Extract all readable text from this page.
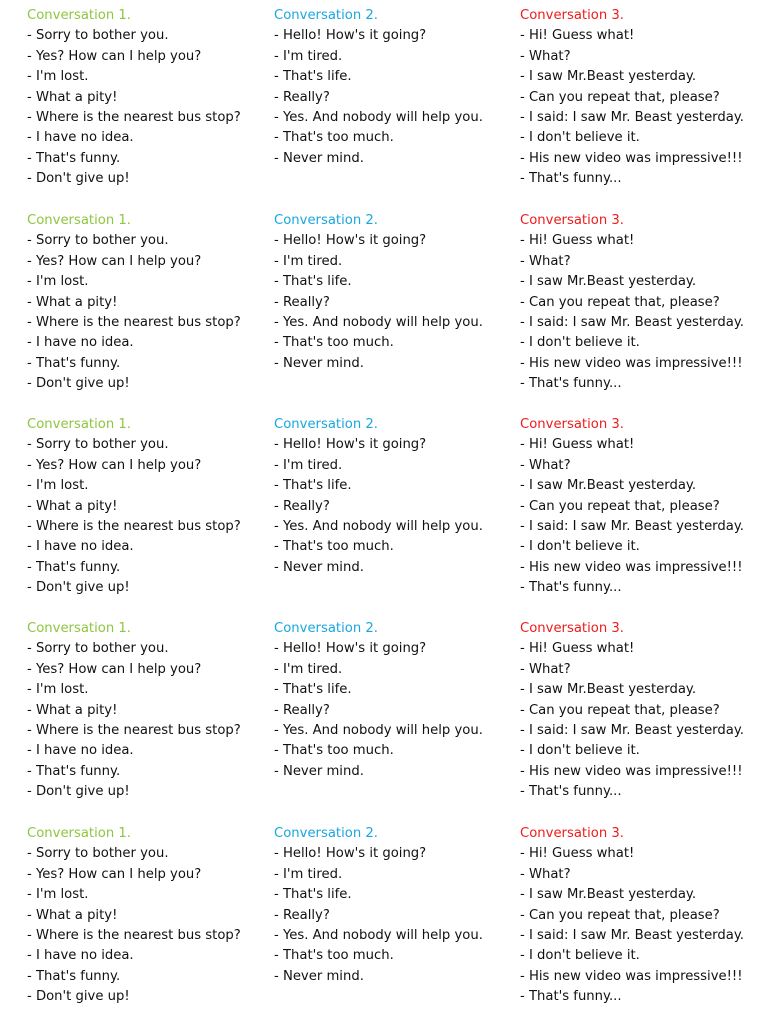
Conversation 1.
- Sorry to bother you.
- Yes? How can I help you?
- I'm lost.
- What a pity!
- Where is the nearest bus stop?
- I have no idea.
- That's funny.
- Don't give up!
Conversation 2.
- Hello! How's it going?
- I'm tired.
- That's life.
- Really?
- Yes. And nobody will help you.
- That's too much.
- Never mind.
Conversation 3.
- Hi! Guess what!
- What?
- I saw Mr.Beast yesterday.
- Can you repeat that, please?
- I said: I saw Mr. Beast yesterday.
- I don't believe it.
- His new video was impressive!!!
- That's funny...
Conversation 1.
- Sorry to bother you.
- Yes? How can I help you?
- I'm lost.
- What a pity!
- Where is the nearest bus stop?
- I have no idea.
- That's funny.
- Don't give up!
Conversation 2.
- Hello! How's it going?
- I'm tired.
- That's life.
- Really?
- Yes. And nobody will help you.
- That's too much.
- Never mind.
Conversation 3.
- Hi! Guess what!
- What?
- I saw Mr.Beast yesterday.
- Can you repeat that, please?
- I said: I saw Mr. Beast yesterday.
- I don't believe it.
- His new video was impressive!!!
- That's funny...
Conversation 1.
- Sorry to bother you.
- Yes? How can I help you?
- I'm lost.
- What a pity!
- Where is the nearest bus stop?
- I have no idea.
- That's funny.
- Don't give up!
Conversation 2.
- Hello! How's it going?
- I'm tired.
- That's life.
- Really?
- Yes. And nobody will help you.
- That's too much.
- Never mind.
Conversation 3.
- Hi! Guess what!
- What?
- I saw Mr.Beast yesterday.
- Can you repeat that, please?
- I said: I saw Mr. Beast yesterday.
- I don't believe it.
- His new video was impressive!!!
- That's funny...
Conversation 1.
- Sorry to bother you.
- Yes? How can I help you?
- I'm lost.
- What a pity!
- Where is the nearest bus stop?
- I have no idea.
- That's funny.
- Don't give up!
Conversation 2.
- Hello! How's it going?
- I'm tired.
- That's life.
- Really?
- Yes. And nobody will help you.
- That's too much.
- Never mind.
Conversation 3.
- Hi! Guess what!
- What?
- I saw Mr.Beast yesterday.
- Can you repeat that, please?
- I said: I saw Mr. Beast yesterday.
- I don't believe it.
- His new video was impressive!!!
- That's funny...
Conversation 1.
- Sorry to bother you.
- Yes? How can I help you?
- I'm lost.
- What a pity!
- Where is the nearest bus stop?
- I have no idea.
- That's funny.
- Don't give up!
Conversation 2.
- Hello! How's it going?
- I'm tired.
- That's life.
- Really?
- Yes. And nobody will help you.
- That's too much.
- Never mind.
Conversation 3.
- Hi! Guess what!
- What?
- I saw Mr.Beast yesterday.
- Can you repeat that, please?
- I said: I saw Mr. Beast yesterday.
- I don't believe it.
- His new video was impressive!!!
- That's funny...
